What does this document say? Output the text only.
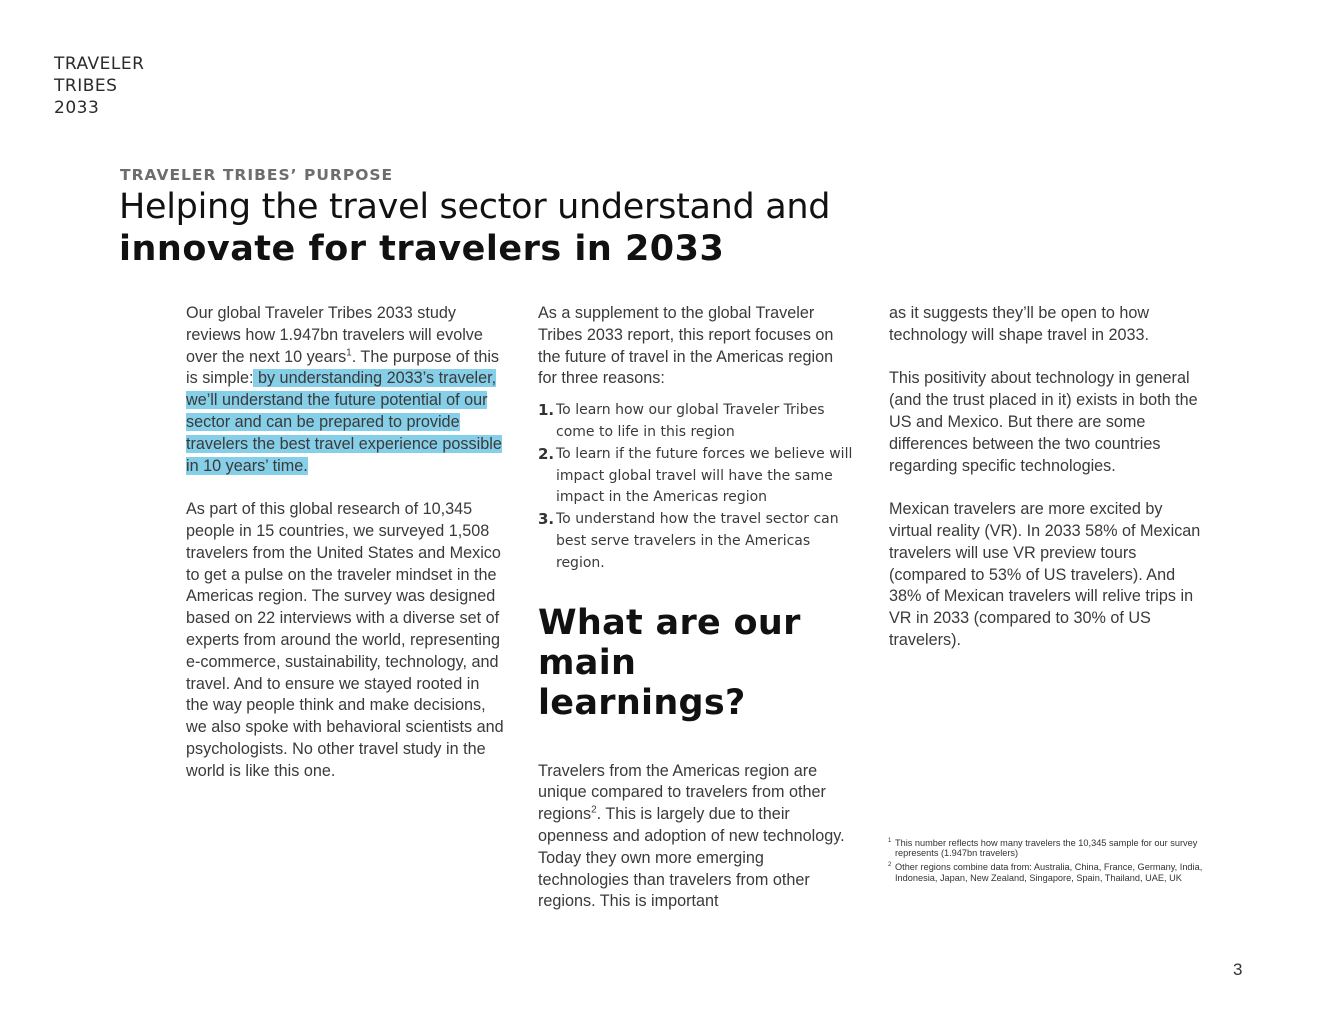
TRAVELER
TRIBES
2033
TRAVELER TRIBES’ PURPOSE
Helping the travel sector understand and
innovate for travelers in 2033

Our global Traveler Tribes 2033 study reviews how 1.947bn travelers will evolve over the next 10 years$^1$. The purpose of this is simple: by understanding 2033’s traveler, we’ll understand the future potential of our sector and can be prepared to provide travelers the best travel experience possible in 10 years’ time.

As part of this global research of 10,345 people in 15 countries, we surveyed 1,508 travelers from the United States and Mexico to get a pulse on the traveler mindset in the Americas region. The survey was designed based on 22 interviews with a diverse set of experts from around the world, representing e-commerce, sustainability, technology, and travel. And to ensure we stayed rooted in the way people think and make decisions, we also spoke with behavioral scientists and psychologists. No other travel study in the world is like this one.

As a supplement to the global Traveler Tribes 2033 report, this report focuses on the future of travel in the Americas region for three reasons:

1. To learn how our global Traveler Tribes come to life in this region
2. To learn if the future forces we believe will impact global travel will have the same impact in the Americas region
3. To understand how the travel sector can best serve travelers in the Americas region.
What are our main learnings?

Travelers from the Americas region are unique compared to travelers from other regions$^2$. This is largely due to their openness and adoption of new technology. Today they own more emerging technologies than travelers from other regions. This is important

as it suggests they’ll be open to how technology will shape travel in 2033.

This positivity about technology in general (and the trust placed in it) exists in both the US and Mexico. But there are some differences between the two countries regarding specific technologies.

Mexican travelers are more excited by virtual reality (VR). In 2033 58% of Mexican travelers will use VR preview tours (compared to 53% of US travelers). And 38% of Mexican travelers will relive trips in VR in 2033 (compared to 30% of US travelers).

1 This number reflects how many travelers the 10,345 sample for our survey represents (1.947bn travelers)
2 Other regions combine data from: Australia, China, France, Germany, India, Indonesia, Japan, New Zealand, Singapore, Spain, Thailand, UAE, UK
3
